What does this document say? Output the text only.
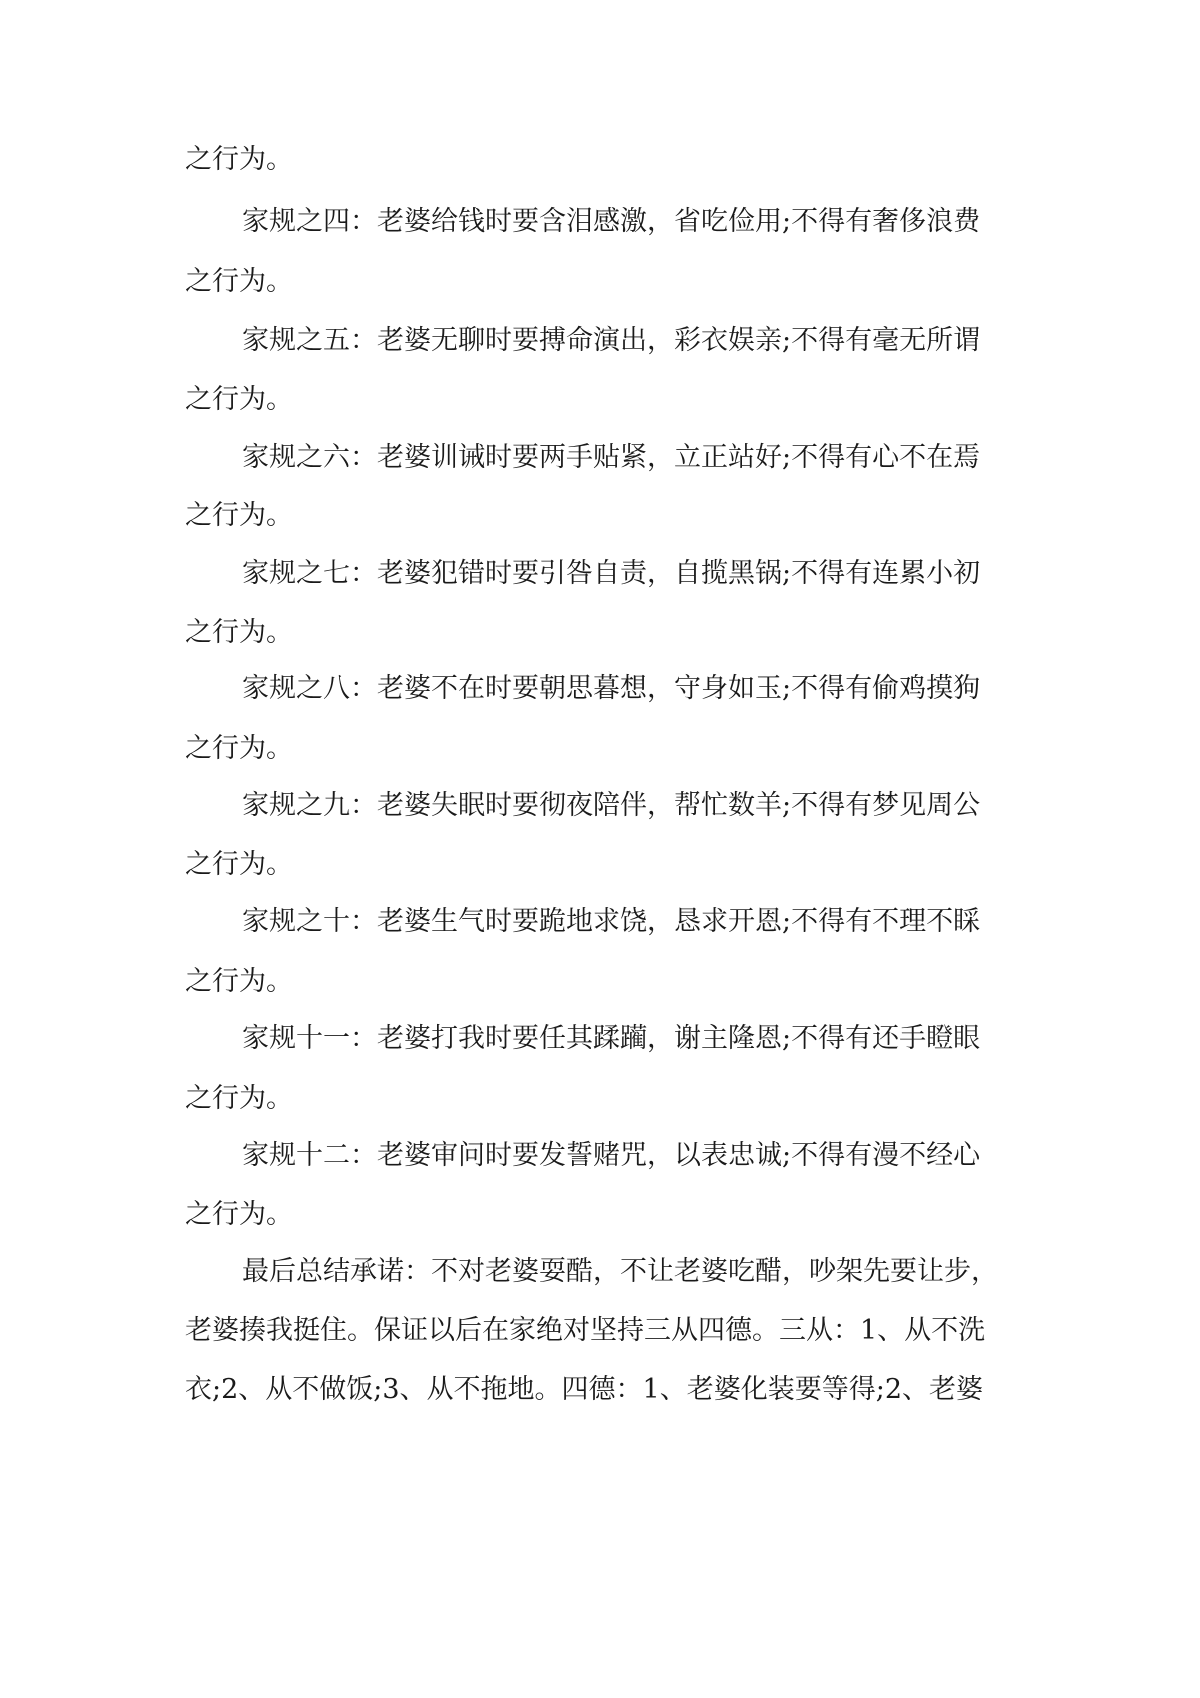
之行为。
家规之四：老婆给钱时要含泪感激，省吃俭用;不得有奢侈浪费
之行为。
家规之五：老婆无聊时要搏命演出，彩衣娱亲;不得有毫无所谓
之行为。
家规之六：老婆训诫时要两手贴紧，立正站好;不得有心不在焉
之行为。
家规之七：老婆犯错时要引咎自责，自揽黑锅;不得有连累小初
之行为。
家规之八：老婆不在时要朝思暮想，守身如玉;不得有偷鸡摸狗
之行为。
家规之九：老婆失眠时要彻夜陪伴，帮忙数羊;不得有梦见周公
之行为。
家规之十：老婆生气时要跪地求饶，恳求开恩;不得有不理不睬
之行为。
家规十一：老婆打我时要任其蹂躏，谢主隆恩;不得有还手瞪眼
之行为。
家规十二：老婆审问时要发誓赌咒，以表忠诚;不得有漫不经心
之行为。
最后总结承诺：不对老婆耍酷，不让老婆吃醋，吵架先要让步，
老婆揍我挺住。保证以后在家绝对坚持三从四德。三从：1、从不洗
衣;2、从不做饭;3、从不拖地。四德：1、老婆化装要等得;2、老婆
